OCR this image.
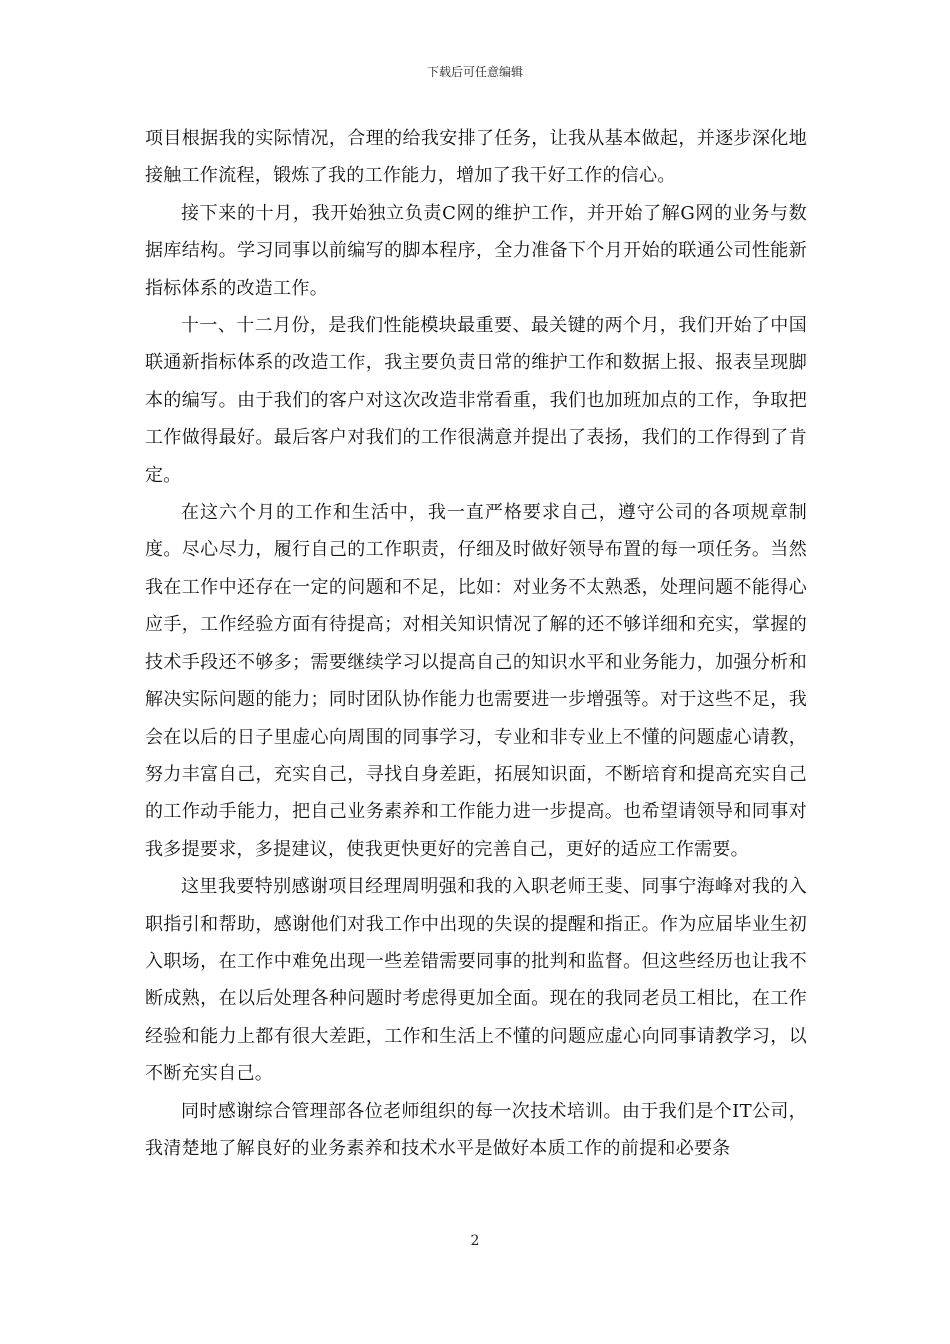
下载后可任意编辑

项目根据我的实际情况，合理的给我安排了任务，让我从基本做起，并逐步深化地接触工作流程，锻炼了我的工作能力，增加了我干好工作的信心。

接下来的十月，我开始独立负责C网的维护工作，并开始了解G网的业务与数据库结构。学习同事以前编写的脚本程序，全力准备下个月开始的联通公司性能新指标体系的改造工作。

十一、十二月份，是我们性能模块最重要、最关键的两个月，我们开始了中国联通新指标体系的改造工作，我主要负责日常的维护工作和数据上报、报表呈现脚本的编写。由于我们的客户对这次改造非常看重，我们也加班加点的工作，争取把工作做得最好。最后客户对我们的工作很满意并提出了表扬，我们的工作得到了肯定。

在这六个月的工作和生活中，我一直严格要求自己，遵守公司的各项规章制度。尽心尽力，履行自己的工作职责，仔细及时做好领导布置的每一项任务。当然我在工作中还存在一定的问题和不足，比如：对业务不太熟悉，处理问题不能得心应手，工作经验方面有待提高；对相关知识情况了解的还不够详细和充实，掌握的技术手段还不够多；需要继续学习以提高自己的知识水平和业务能力，加强分析和解决实际问题的能力；同时团队协作能力也需要进一步增强等。对于这些不足，我会在以后的日子里虚心向周围的同事学习，专业和非专业上不懂的问题虚心请教，努力丰富自己，充实自己，寻找自身差距，拓展知识面，不断培育和提高充实自己的工作动手能力，把自己业务素养和工作能力进一步提高。也希望请领导和同事对我多提要求，多提建议，使我更快更好的完善自己，更好的适应工作需要。

这里我要特别感谢项目经理周明强和我的入职老师王斐、同事宁海峰对我的入职指引和帮助，感谢他们对我工作中出现的失误的提醒和指正。作为应届毕业生初入职场，在工作中难免出现一些差错需要同事的批判和监督。但这些经历也让我不断成熟，在以后处理各种问题时考虑得更加全面。现在的我同老员工相比，在工作经验和能力上都有很大差距，工作和生活上不懂的问题应虚心向同事请教学习，以不断充实自己。

同时感谢综合管理部各位老师组织的每一次技术培训。由于我们是个IT公司，我清楚地了解良好的业务素养和技术水平是做好本质工作的前提和必要条

2
